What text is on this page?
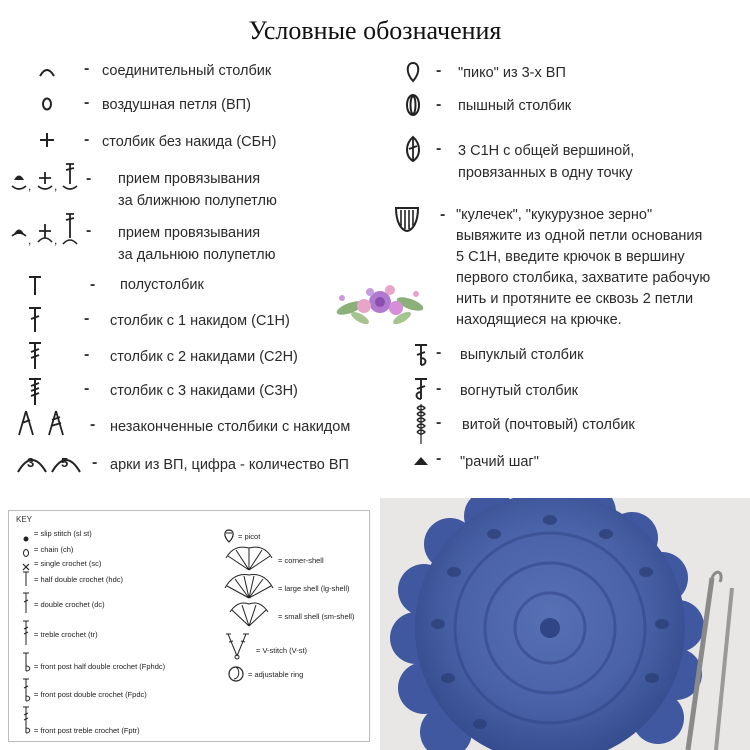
Условные обозначения
- соединительный столбик
- воздушная петля (ВП)
- столбик без накида (СБН)
, , - прием провязывания
за ближнюю полупетлю
, ,
- прием провязывания
за дальнюю полупетлю
- полустолбик
- столбик с 1 накидом (С1Н)
- столбик с 2 накидами (С2Н)
- столбик с 3 накидами (С3Н)
- незаконченные столбики с накидом
3 5 - арки из ВП, цифра - количество ВП
- "пико" из 3-х ВП
- пышный столбик
- 3 С1Н с общей вершиной,
провязанных в одну точку
- "кулечек", "кукурузное зерно"
вывяжите из одной петли основания
5 С1Н, введите крючок в вершину
первого столбика, захватите рабочую
нить и протяните ее сквозь 2 петли
находящиеся на крючке.
- выпуклый столбик
- вогнутый столбик
- витой (почтовый) столбик
- "рачий шаг"
KEY
= slip stitch (sl st)
= chain (ch)
= single crochet (sc)
= half double crochet (hdc)
= double crochet (dc)
= treble crochet (tr)
= front post half double crochet (Fphdc)
= front post double crochet (Fpdc)
= front post treble crochet (Fptr)
= picot
= corner-shell
= large shell (lg-shell)
= small shell (sm-shell)
= V-stitch (V-st)
= adjustable ring
